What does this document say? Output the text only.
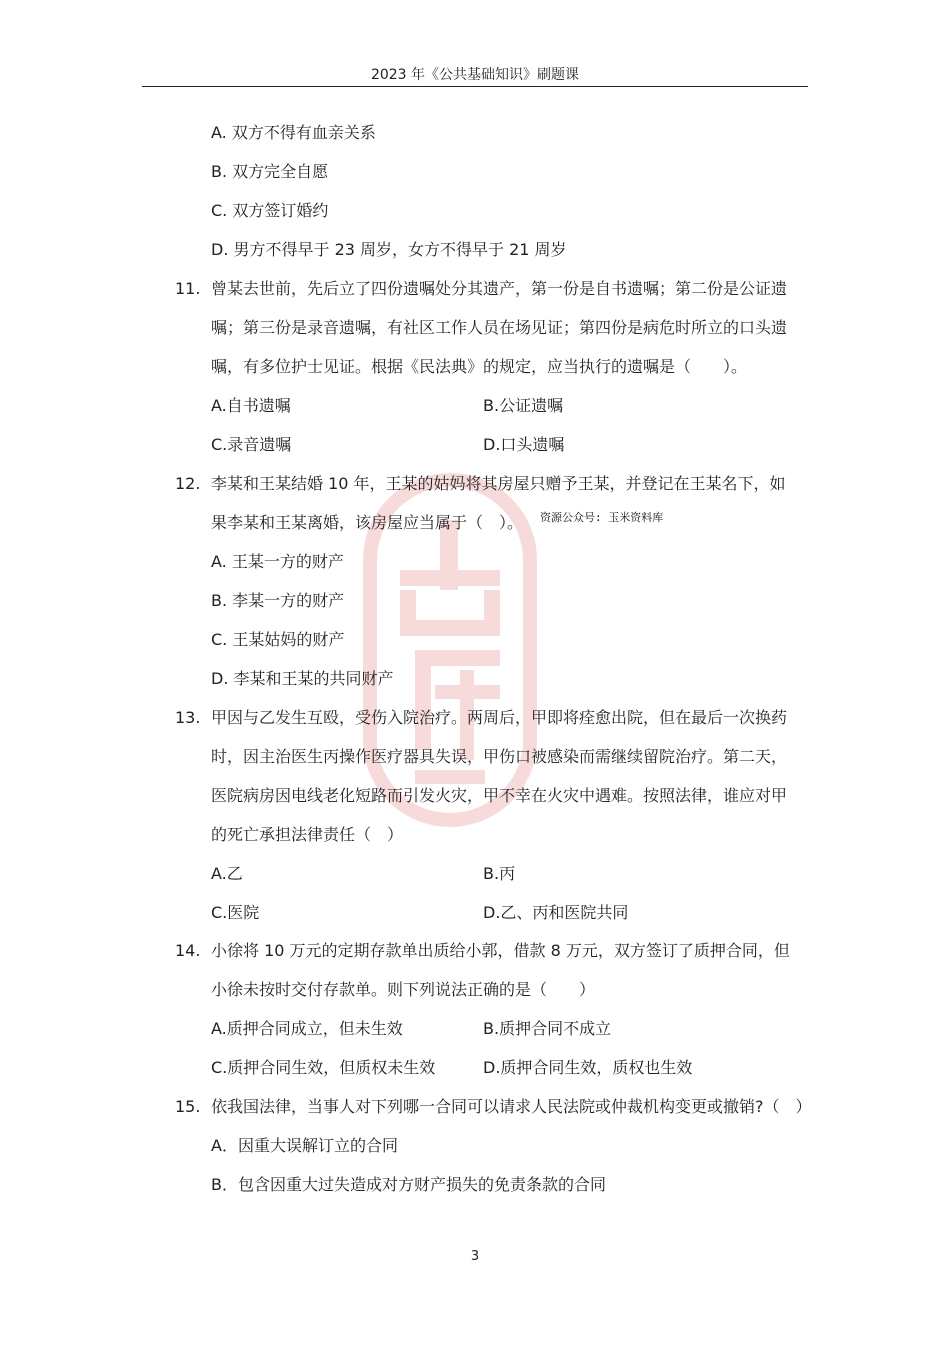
2023 年《公共基础知识》刷题课
A. 双方不得有血亲关系
B. 双方完全自愿
C. 双方签订婚约
D. 男方不得早于 23 周岁，女方不得早于 21 周岁
11. 曾某去世前，先后立了四份遗嘱处分其遗产，第一份是自书遗嘱；第二份是公证遗
嘱；第三份是录音遗嘱，有社区工作人员在场见证；第四份是病危时所立的口头遗
嘱，有多位护士见证。根据《民法典》的规定，应当执行的遗嘱是（　　）。
A.自书遗嘱	B.公证遗嘱
C.录音遗嘱	D.口头遗嘱
12. 李某和王某结婚 10 年，王某的姑妈将其房屋只赠予王某，并登记在王某名下，如
果李某和王某离婚，该房屋应当属于（　）。 资源公众号: 玉米资料库
A. 王某一方的财产
B. 李某一方的财产
C. 王某姑妈的财产
D. 李某和王某的共同财产
13. 甲因与乙发生互殴，受伤入院治疗。两周后，甲即将痊愈出院，但在最后一次换药
时，因主治医生丙操作医疗器具失误，甲伤口被感染而需继续留院治疗。第二天，
医院病房因电线老化短路而引发火灾，甲不幸在火灾中遇难。按照法律，谁应对甲
的死亡承担法律责任（　）
A.乙	B.丙
C.医院	D.乙、丙和医院共同
14. 小徐将 10 万元的定期存款单出质给小郭，借款 8 万元，双方签订了质押合同，但
小徐未按时交付存款单。则下列说法正确的是（　　）
A.质押合同成立，但未生效	B.质押合同不成立
C.质押合同生效，但质权未生效	D.质押合同生效，质权也生效
15. 依我国法律，当事人对下列哪一合同可以请求人民法院或仲裁机构变更或撤销?（　）
A．因重大误解订立的合同
B．包含因重大过失造成对方财产损失的免责条款的合同
3
